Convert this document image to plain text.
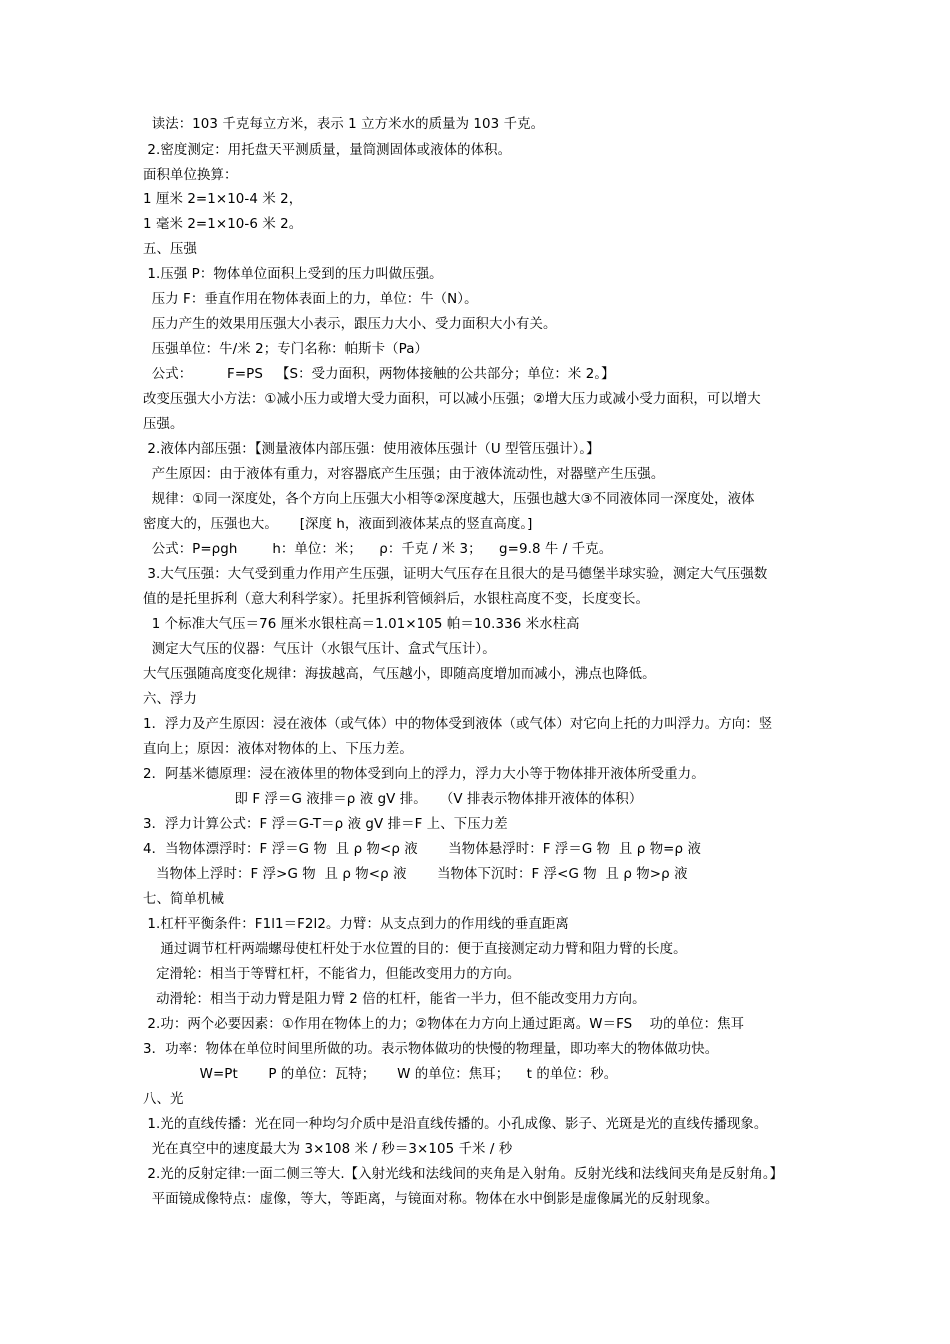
读法：103 千克每立方米，表示 1 立方米水的质量为 103 千克。
2.密度测定：用托盘天平测质量，量筒测固体或液体的体积。
面积单位换算：
1 厘米 2=1×10-4 米 2，
1 毫米 2=1×10-6 米 2。
五、压强
1.压强 P：物体单位面积上受到的压力叫做压强。
压力 F：垂直作用在物体表面上的力，单位：牛（N）。
压力产生的效果用压强大小表示，跟压力大小、受力面积大小有关。
压强单位：牛/米 2；专门名称：帕斯卡（Pa）
公式：        F=PS   【S：受力面积，两物体接触的公共部分；单位：米 2。】
改变压强大小方法：①减小压力或增大受力面积，可以减小压强；②增大压力或减小受力面积，可以增大
压强。
2.液体内部压强：【测量液体内部压强：使用液体压强计（U 型管压强计）。】
产生原因：由于液体有重力，对容器底产生压强；由于液体流动性，对器壁产生压强。
规律：①同一深度处，各个方向上压强大小相等②深度越大，压强也越大③不同液体同一深度处，液体
密度大的，压强也大。     [深度 h，液面到液体某点的竖直高度。]
公式：P=ρgh        h：单位：米；    ρ：千克 / 米 3；    g=9.8 牛 / 千克。
3.大气压强：大气受到重力作用产生压强，证明大气压存在且很大的是马德堡半球实验，测定大气压强数
值的是托里拆利（意大利科学家）。托里拆利管倾斜后，水银柱高度不变，长度变长。
1 个标准大气压＝76 厘米水银柱高＝1.01×105 帕＝10.336 米水柱高
测定大气压的仪器：气压计（水银气压计、盒式气压计）。
大气压强随高度变化规律：海拔越高，气压越小，即随高度增加而减小，沸点也降低。
六、浮力
1．浮力及产生原因：浸在液体（或气体）中的物体受到液体（或气体）对它向上托的力叫浮力。方向：竖
直向上；原因：液体对物体的上、下压力差。
2．阿基米德原理：浸在液体里的物体受到向上的浮力，浮力大小等于物体排开液体所受重力。
即 F 浮＝G 液排＝ρ 液 gV 排。   （V 排表示物体排开液体的体积）
3．浮力计算公式：F 浮＝G-T＝ρ 液 gV 排＝F 上、下压力差
4．当物体漂浮时：F 浮＝G 物  且 ρ 物<ρ 液       当物体悬浮时：F 浮＝G 物  且 ρ 物=ρ 液
当物体上浮时：F 浮>G 物  且 ρ 物<ρ 液       当物体下沉时：F 浮<G 物  且 ρ 物>ρ 液
七、简单机械
1.杠杆平衡条件：F1l1＝F2l2。力臂：从支点到力的作用线的垂直距离
通过调节杠杆两端螺母使杠杆处于水位置的目的：便于直接测定动力臂和阻力臂的长度。
定滑轮：相当于等臂杠杆，不能省力，但能改变用力的方向。
动滑轮：相当于动力臂是阻力臂 2 倍的杠杆，能省一半力，但不能改变用力方向。
2.功：两个必要因素：①作用在物体上的力；②物体在力方向上通过距离。W＝FS    功的单位：焦耳
3．功率：物体在单位时间里所做的功。表示物体做功的快慢的物理量，即功率大的物体做功快。
W=Pt       P 的单位：瓦特；     W 的单位：焦耳；    t 的单位：秒。
八、光
1.光的直线传播：光在同一种均匀介质中是沿直线传播的。小孔成像、影子、光斑是光的直线传播现象。
光在真空中的速度最大为 3×108 米 / 秒＝3×105 千米 / 秒
2.光的反射定律:一面二侧三等大.【入射光线和法线间的夹角是入射角。反射光线和法线间夹角是反射角。】
平面镜成像特点：虚像，等大，等距离，与镜面对称。物体在水中倒影是虚像属光的反射现象。
